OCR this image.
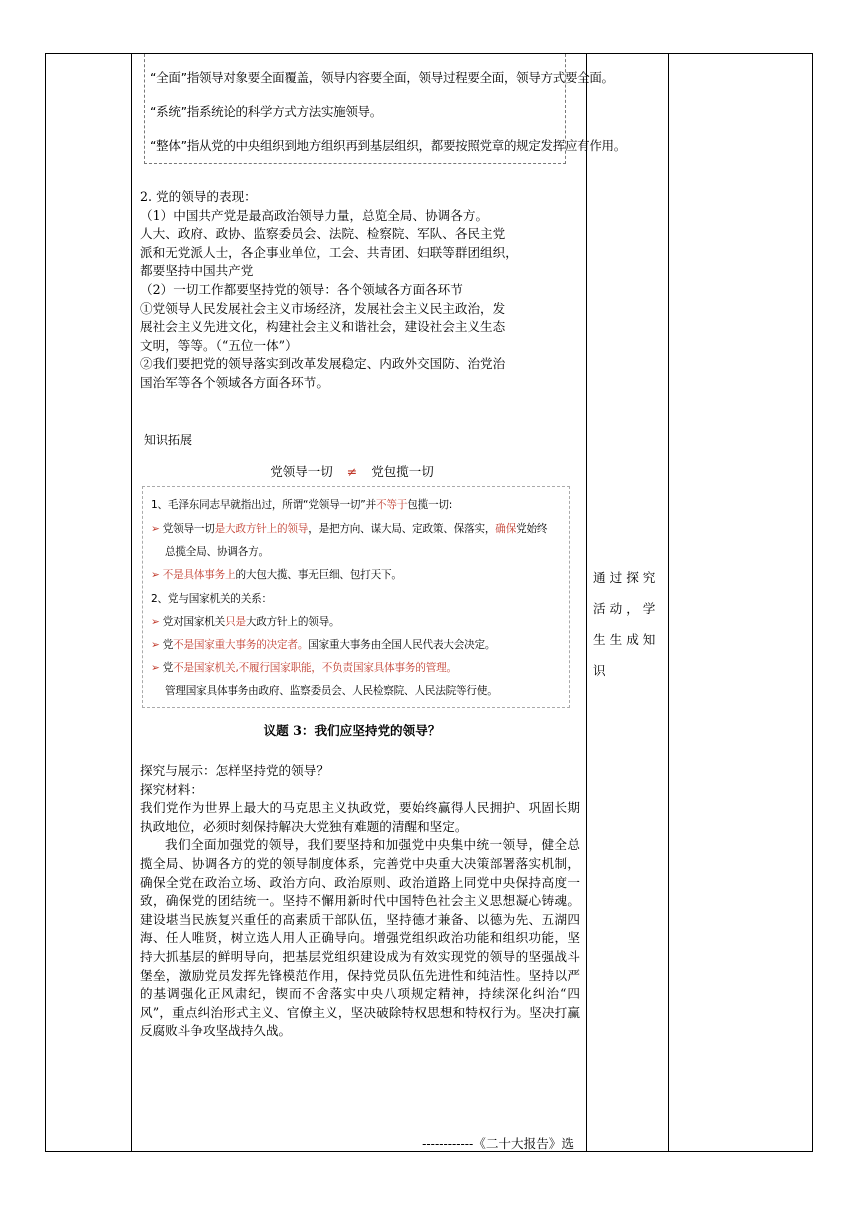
“全面”指领导对象要全面覆盖，领导内容要全面，领导过程要全面，领导方式要全面。
“系统”指系统论的科学方式方法实施领导。
“整体”指从党的中央组织到地方组织再到基层组织，都要按照党章的规定发挥应有作用。
2. 党的领导的表现：
（1）中国共产党是最高政治领导力量，总览全局、协调各方。
人大、政府、政协、监察委员会、法院、检察院、军队、各民主党
派和无党派人士，各企事业单位，工会、共青团、妇联等群团组织，
都要坚持中国共产党
（2）一切工作都要坚持党的领导：各个领域各方面各环节
①党领导人民发展社会主义市场经济，发展社会主义民主政治，发
展社会主义先进文化，构建社会主义和谐社会，建设社会主义生态
文明，等等。（“五位一体”）
②我们要把党的领导落实到改革发展稳定、内政外交国防、治党治
国治军等各个领域各方面各环节。
知识拓展
党领导一切 ≠ 党包揽一切
1、毛泽东同志早就指出过，所谓“党领导一切”并不等于包揽一切:
➢ 党领导一切是大政方针上的领导，是把方向、谋大局、定政策、保落实，确保党始终
总揽全局、协调各方。
➢ 不是具体事务上的大包大揽、事无巨细、包打天下。
2、党与国家机关的关系：
➢ 党对国家机关只是大政方针上的领导。
➢ 党不是国家重大事务的决定者。国家重大事务由全国人民代表大会决定。
➢ 党不是国家机关,不履行国家职能，不负责国家具体事务的管理。
管理国家具体事务由政府、监察委员会、人民检察院、人民法院等行使。
议题 3：我们应坚持党的领导？

探究与展示：怎样坚持党的领导？

探究材料：

我们党作为世界上最大的马克思主义执政党，要始终赢得人民拥护、巩固长期执政地位，必须时刻保持解决大党独有难题的清醒和坚定。

我们全面加强党的领导，我们要坚持和加强党中央集中统一领导，健全总揽全局、协调各方的党的领导制度体系，完善党中央重大决策部署落实机制，确保全党在政治立场、政治方向、政治原则、政治道路上同党中央保持高度一致，确保党的团结统一。坚持不懈用新时代中国特色社会主义思想凝心铸魂。建设堪当民族复兴重任的高素质干部队伍，坚持德才兼备、以德为先、五湖四海、任人唯贤，树立选人用人正确导向。增强党组织政治功能和组织功能，坚持大抓基层的鲜明导向，把基层党组织建设成为有效实现党的领导的坚强战斗堡垒，激励党员发挥先锋模范作用，保持党员队伍先进性和纯洁性。坚持以严的基调强化正风肃纪，锲而不舍落实中央八项规定精神，持续深化纠治“四风”，重点纠治形式主义、官僚主义，坚决破除特权思想和特权行为。坚决打赢反腐败斗争攻坚战持久战。

------------《二十大报告》选
通过探究活动，学生生成知识
